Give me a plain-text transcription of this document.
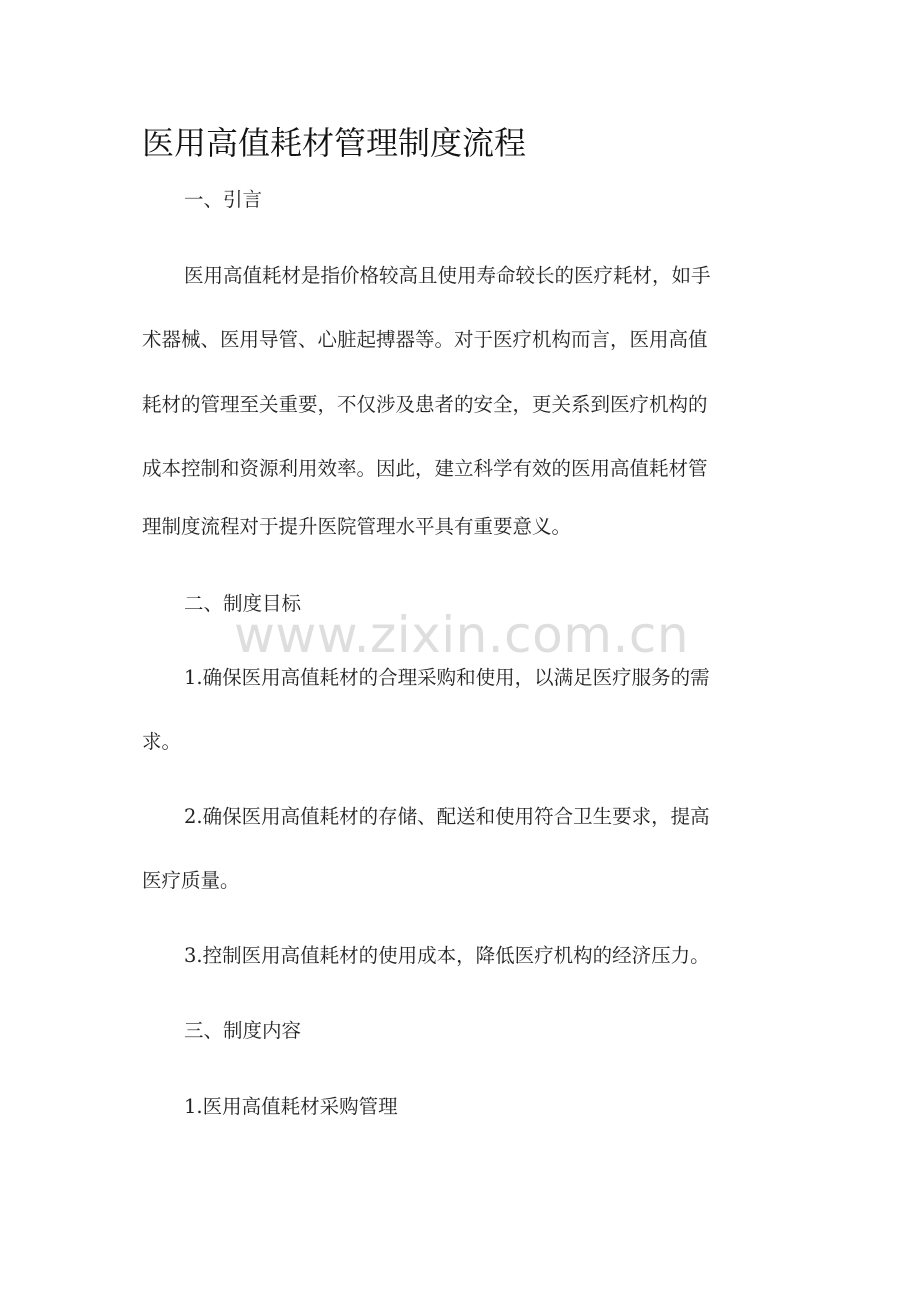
医用高值耗材管理制度流程
一、引言
医用高值耗材是指价格较高且使用寿命较长的医疗耗材，如手
术器械、医用导管、心脏起搏器等。对于医疗机构而言，医用高值
耗材的管理至关重要，不仅涉及患者的安全，更关系到医疗机构的
成本控制和资源利用效率。因此，建立科学有效的医用高值耗材管
理制度流程对于提升医院管理水平具有重要意义。
二、制度目标
www.zixin.com.cn
1.确保医用高值耗材的合理采购和使用，以满足医疗服务的需
求。
2.确保医用高值耗材的存储、配送和使用符合卫生要求，提高
医疗质量。
3.控制医用高值耗材的使用成本，降低医疗机构的经济压力。
三、制度内容
1.医用高值耗材采购管理
